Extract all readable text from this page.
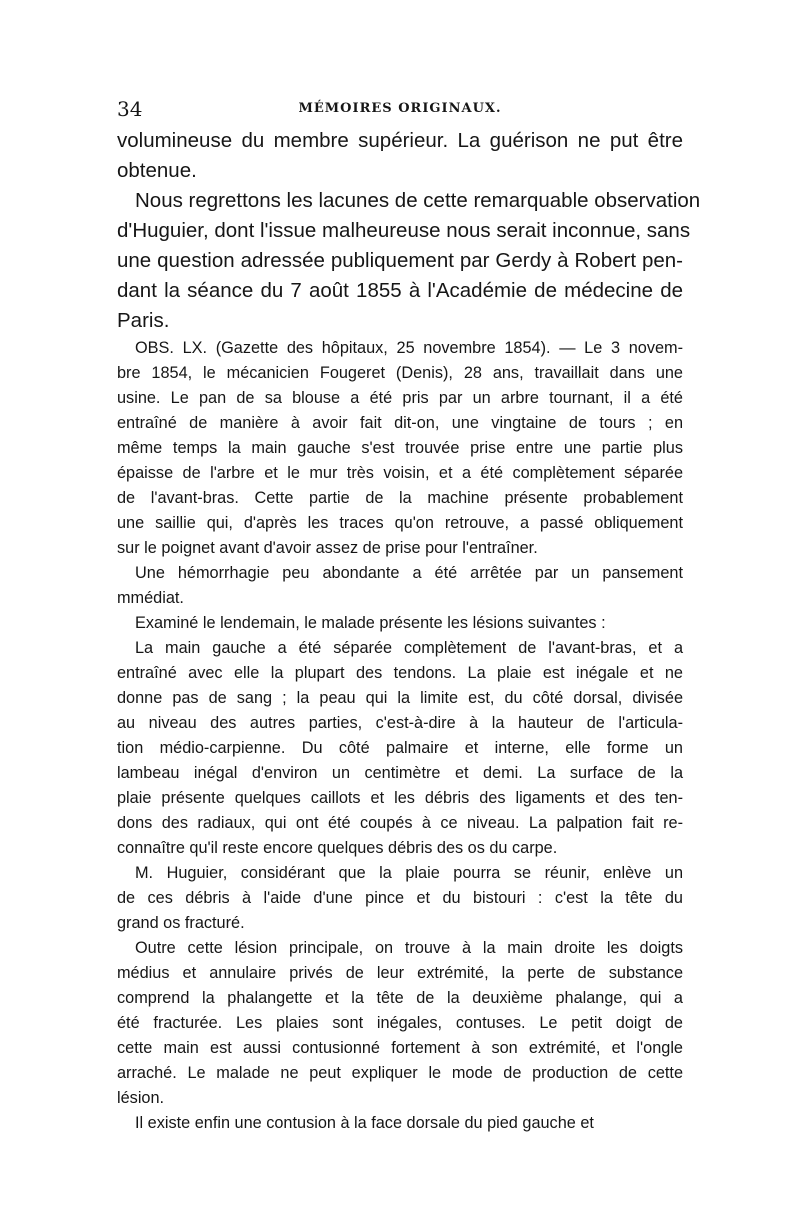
34	MÉMOIRES ORIGINAUX.
volumineuse du membre supérieur. La guérison ne put être
obtenue.
Nous regrettons les lacunes de cette remarquable observation
d'Huguier, dont l'issue malheureuse nous serait inconnue, sans
une question adressée publiquement par Gerdy à Robert pen-
dant la séance du 7 août 1855 à l'Académie de médecine de
Paris.
OBS. LX. (Gazette des hôpitaux, 25 novembre 1854). — Le 3 novem-
bre 1854, le mécanicien Fougeret (Denis), 28 ans, travaillait dans une
usine. Le pan de sa blouse a été pris par un arbre tournant, il a été
entraîné de manière à avoir fait dit-on, une vingtaine de tours ; en
même temps la main gauche s'est trouvée prise entre une partie plus
épaisse de l'arbre et le mur très voisin, et a été complètement séparée
de l'avant-bras. Cette partie de la machine présente probablement
une saillie qui, d'après les traces qu'on retrouve, a passé obliquement
sur le poignet avant d'avoir assez de prise pour l'entraîner.
Une hémorrhagie peu abondante a été arrêtée par un pansement
mmédiat.
Examiné le lendemain, le malade présente les lésions suivantes :
La main gauche a été séparée complètement de l'avant-bras, et a
entraîné avec elle la plupart des tendons. La plaie est inégale et ne
donne pas de sang ; la peau qui la limite est, du côté dorsal, divisée
au niveau des autres parties, c'est-à-dire à la hauteur de l'articula-
tion médio-carpienne. Du côté palmaire et interne, elle forme un
lambeau inégal d'environ un centimètre et demi. La surface de la
plaie présente quelques caillots et les débris des ligaments et des ten-
dons des radiaux, qui ont été coupés à ce niveau. La palpation fait re-
connaître qu'il reste encore quelques débris des os du carpe.
M. Huguier, considérant que la plaie pourra se réunir, enlève un
de ces débris à l'aide d'une pince et du bistouri : c'est la tête du
grand os fracturé.
Outre cette lésion principale, on trouve à la main droite les doigts
médius et annulaire privés de leur extrémité, la perte de substance
comprend la phalangette et la tête de la deuxième phalange, qui a
été fracturée. Les plaies sont inégales, contuses. Le petit doigt de
cette main est aussi contusionné fortement à son extrémité, et l'ongle
arraché. Le malade ne peut expliquer le mode de production de cette
lésion.
Il existe enfin une contusion à la face dorsale du pied gauche et
